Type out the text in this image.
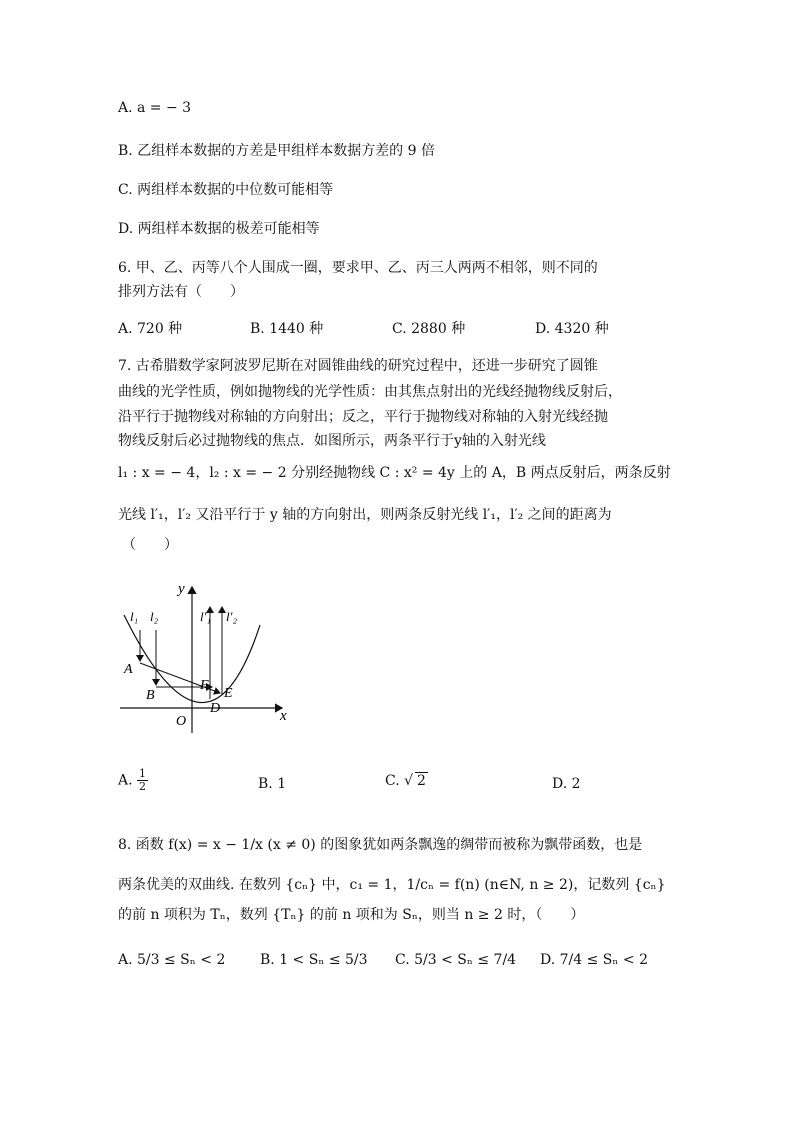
A. a = − 3
B. 乙组样本数据的方差是甲组样本数据方差的 9 倍
C. 两组样本数据的中位数可能相等
D. 两组样本数据的极差可能相等
6. 甲、乙、丙等八个人围成一圈，要求甲、乙、丙三人两两不相邻，则不同的
排列方法有（　　）
A. 720 种	B. 1440 种	C. 2880 种	D. 4320 种
7. 古希腊数学家阿波罗尼斯在对圆锥曲线的研究过程中，还进一步研究了圆锥
曲线的光学性质，例如抛物线的光学性质：由其焦点射出的光线经抛物线反射后，
沿平行于抛物线对称轴的方向射出；反之，平行于抛物线对称轴的入射光线经抛
物线反射后必过抛物线的焦点．如图所示，两条平行于y轴的入射光线
l₁ : x = − 4，l₂ : x = − 2 分别经抛物线 C : x² = 4y 上的 A，B 两点反射后，两条反射
光线 l′₁，l′₂ 又沿平行于 y 轴的方向射出，则两条反射光线 l′₁，l′₂ 之间的距离为
（　　）
y
x
O
A
B
F
D
E
l₁ l₂	l′₁ l′₂
A. $\frac{1}{2}$	B. 1	C. √ 2	D. 2
8. 函数 f(x) = x − 1/x (x ≠ 0) 的图象犹如两条飘逸的绸带而被称为飘带函数，也是
两条优美的双曲线. 在数列 {cₙ} 中，c₁ = 1，1/cₙ = f(n) (n∈N, n ≥ 2)，记数列 {cₙ}
的前 n 项积为 Tₙ，数列 {Tₙ} 的前 n 项和为 Sₙ，则当 n ≥ 2 时，（　　）
A. 5/3 ≤ Sₙ < 2 B. 1 < Sₙ ≤ 5/3 C. 5/3 < Sₙ ≤ 7/4 D. 7/4 ≤ Sₙ < 2
